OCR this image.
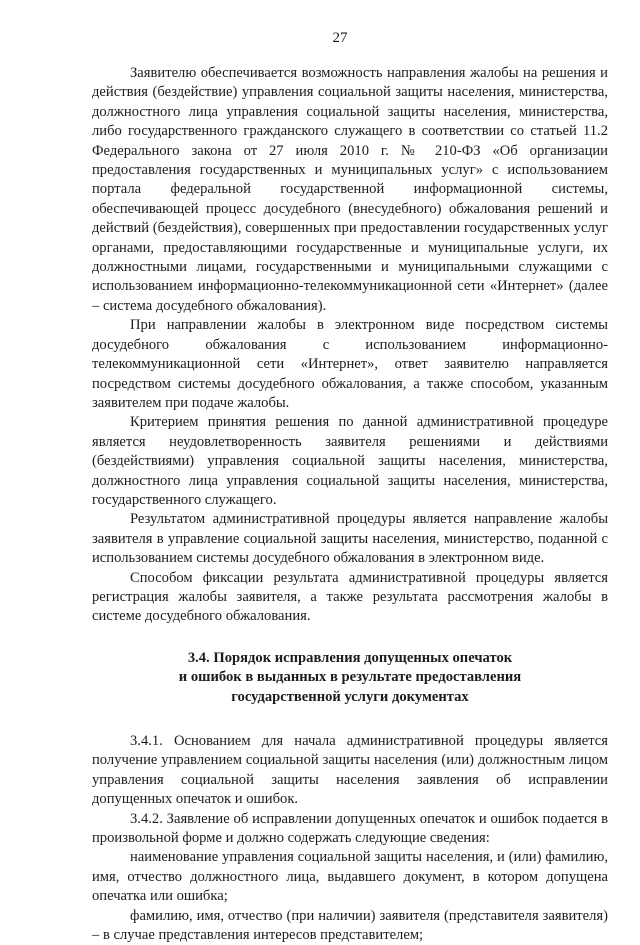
27

Заявителю обеспечивается возможность направления жалобы на решения и действия (бездействие) управления социальной защиты населения, министерства, должностного лица управления социальной защиты населения, министерства, либо государственного гражданского служащего в соответствии со статьей 11.2 Федерального закона от 27 июля 2010 г. № 210-ФЗ «Об организации предоставления государственных и муниципальных услуг» с использованием портала федеральной государственной информационной системы, обеспечивающей процесс досудебного (внесудебного) обжалования решений и действий (бездействия), совершенных при предоставлении государственных услуг органами, предоставляющими государственные и муниципальные услуги, их должностными лицами, государственными и муниципальными служащими с использованием информационно-телекоммуникационной сети «Интернет» (далее – система досудебного обжалования).

При направлении жалобы в электронном виде посредством системы досудебного обжалования с использованием информационно-телекоммуникационной сети «Интернет», ответ заявителю направляется посредством системы досудебного обжалования, а также способом, указанным заявителем при подаче жалобы.

Критерием принятия решения по данной административной процедуре является неудовлетворенность заявителя решениями и действиями (бездействиями) управления социальной защиты населения, министерства, должностного лица управления социальной защиты населения, министерства, государственного служащего.

Результатом административной процедуры является направление жалобы заявителя в управление социальной защиты населения, министерство, поданной с использованием системы досудебного обжалования в электронном виде.

Способом фиксации результата административной процедуры является регистрация жалобы заявителя, а также результата рассмотрения жалобы в системе досудебного обжалования.

3.4. Порядок исправления допущенных опечаток
и ошибок в выданных в результате предоставления
государственной услуги документах

3.4.1. Основанием для начала административной процедуры является получение управлением социальной защиты населения (или) должностным лицом управления социальной защиты населения заявления об исправлении допущенных опечаток и ошибок.

3.4.2. Заявление об исправлении допущенных опечаток и ошибок подается в произвольной форме и должно содержать следующие сведения:

наименование управления социальной защиты населения, и (или) фамилию, имя, отчество должностного лица, выдавшего документ, в котором допущена опечатка или ошибка;

фамилию, имя, отчество (при наличии) заявителя (представителя заявителя) – в случае представления интересов представителем;
